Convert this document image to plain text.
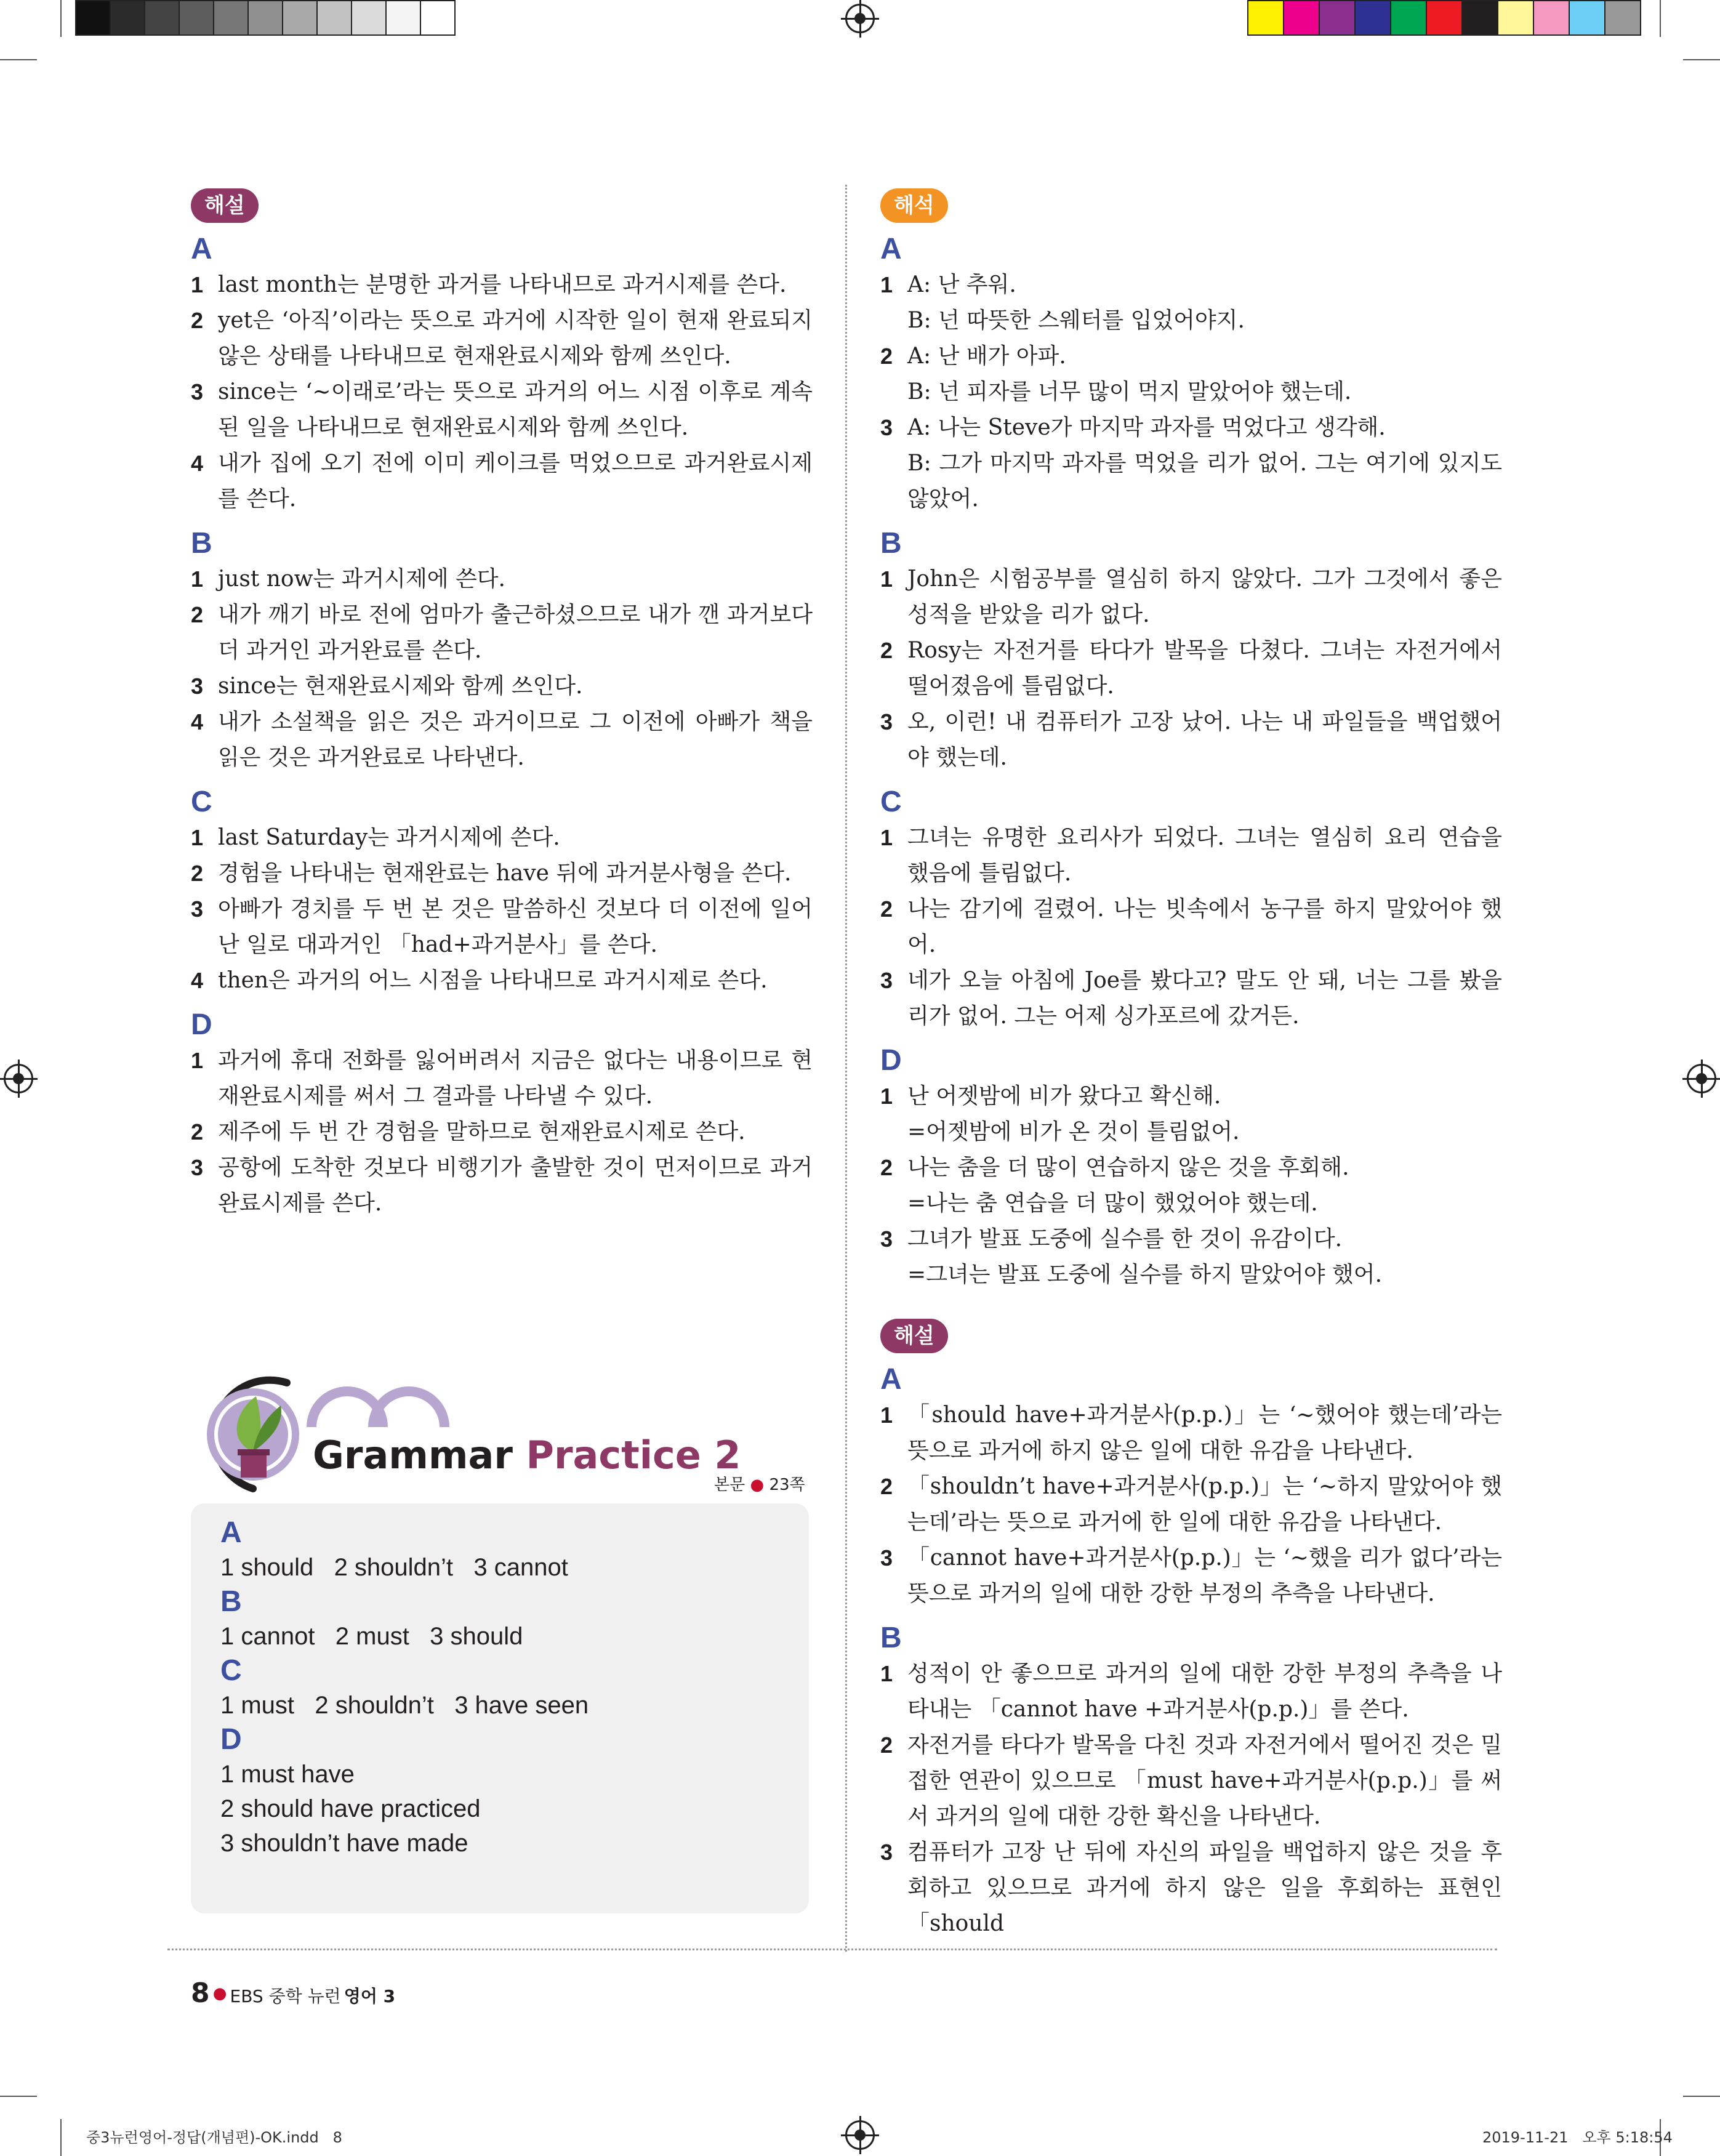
해설
A
1 last month는 분명한 과거를 나타내므로 과거시제를 쓴다.
2 yet은 ‘아직’이라는 뜻으로 과거에 시작한 일이 현재 완료되지 않은 상태를 나타내므로 현재완료시제와 함께 쓰인다.
3 since는 ‘~이래로’라는 뜻으로 과거의 어느 시점 이후로 계속된 일을 나타내므로 현재완료시제와 함께 쓰인다.
4 내가 집에 오기 전에 이미 케이크를 먹었으므로 과거완료시제를 쓴다.
B
1 just now는 과거시제에 쓴다.
2 내가 깨기 바로 전에 엄마가 출근하셨으므로 내가 깬 과거보다 더 과거인 과거완료를 쓴다.
3 since는 현재완료시제와 함께 쓰인다.
4 내가 소설책을 읽은 것은 과거이므로 그 이전에 아빠가 책을 읽은 것은 과거완료로 나타낸다.
C
1 last Saturday는 과거시제에 쓴다.
2 경험을 나타내는 현재완료는 have 뒤에 과거분사형을 쓴다.
3 아빠가 경치를 두 번 본 것은 말씀하신 것보다 더 이전에 일어난 일로 대과거인 「had+과거분사」를 쓴다.
4 then은 과거의 어느 시점을 나타내므로 과거시제로 쓴다.
D
1 과거에 휴대 전화를 잃어버려서 지금은 없다는 내용이므로 현재완료시제를 써서 그 결과를 나타낼 수 있다.
2 제주에 두 번 간 경험을 말하므로 현재완료시제로 쓴다.
3 공항에 도착한 것보다 비행기가 출발한 것이 먼저이므로 과거완료시제를 쓴다.
Grammar Practice 2
본문 ● 23쪽
A
1 should   2 shouldn’t   3 cannot
B
1 cannot   2 must   3 should
C
1 must   2 shouldn’t   3 have seen
D
1 must have
2 should have practiced
3 shouldn’t have made
해석
A
1 A: 난 추워.
B: 넌 따뜻한 스웨터를 입었어야지.
2 A: 난 배가 아파.
B: 넌 피자를 너무 많이 먹지 말았어야 했는데.
3 A: 나는 Steve가 마지막 과자를 먹었다고 생각해.
B: 그가 마지막 과자를 먹었을 리가 없어. 그는 여기에 있지도 않았어.
B
1 John은 시험공부를 열심히 하지 않았다. 그가 그것에서 좋은 성적을 받았을 리가 없다.
2 Rosy는 자전거를 타다가 발목을 다쳤다. 그녀는 자전거에서 떨어졌음에 틀림없다.
3 오, 이런! 내 컴퓨터가 고장 났어. 나는 내 파일들을 백업했어야 했는데.
C
1 그녀는 유명한 요리사가 되었다. 그녀는 열심히 요리 연습을 했음에 틀림없다.
2 나는 감기에 걸렸어. 나는 빗속에서 농구를 하지 말았어야 했어.
3 네가 오늘 아침에 Joe를 봤다고? 말도 안 돼, 너는 그를 봤을 리가 없어. 그는 어제 싱가포르에 갔거든.
D
1 난 어젯밤에 비가 왔다고 확신해.
=어젯밤에 비가 온 것이 틀림없어.
2 나는 춤을 더 많이 연습하지 않은 것을 후회해.
=나는 춤 연습을 더 많이 했었어야 했는데.
3 그녀가 발표 도중에 실수를 한 것이 유감이다.
=그녀는 발표 도중에 실수를 하지 말았어야 했어.
해설
A
1 「should have+과거분사(p.p.)」는 ‘~했어야 했는데’라는 뜻으로 과거에 하지 않은 일에 대한 유감을 나타낸다.
2 「shouldn’t have+과거분사(p.p.)」는 ‘~하지 말았어야 했는데’라는 뜻으로 과거에 한 일에 대한 유감을 나타낸다.
3 「cannot have+과거분사(p.p.)」는 ‘~했을 리가 없다’라는 뜻으로 과거의 일에 대한 강한 부정의 추측을 나타낸다.
B
1 성적이 안 좋으므로 과거의 일에 대한 강한 부정의 추측을 나타내는 「cannot have +과거분사(p.p.)」를 쓴다.
2 자전거를 타다가 발목을 다친 것과 자전거에서 떨어진 것은 밀접한 연관이 있으므로 「must have+과거분사(p.p.)」를 써서 과거의 일에 대한 강한 확신을 나타낸다.
3 컴퓨터가 고장 난 뒤에 자신의 파일을 백업하지 않은 것을 후회하고 있으므로 과거에 하지 않은 일을 후회하는 표현인 「should
8 ● EBS 중학 뉴런 영어 3
중3뉴런영어-정답(개념편)-OK.indd   8	2019-11-21   오후 5:18:54
